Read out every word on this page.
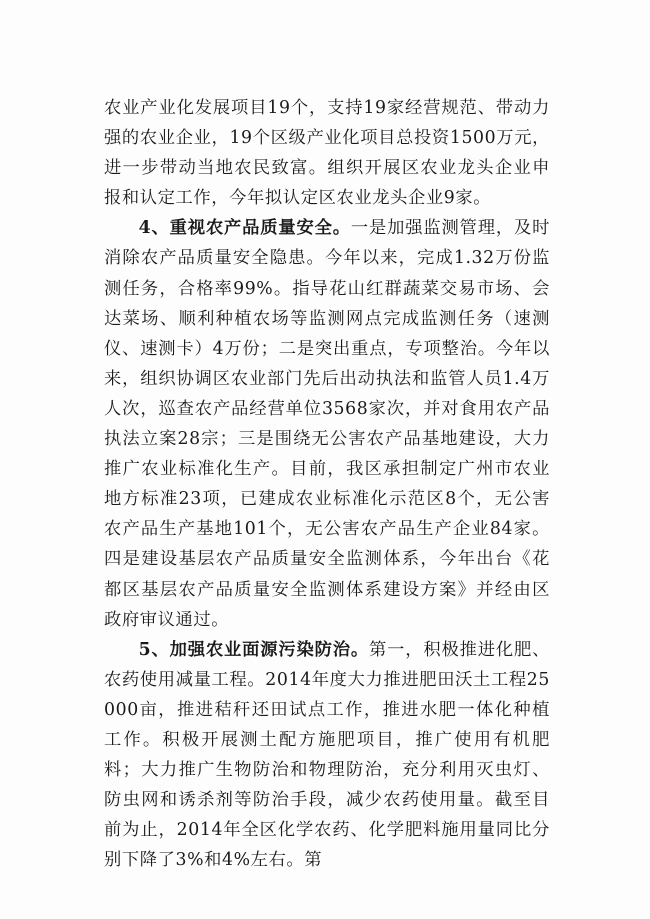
农业产业化发展项目19个，支持19家经营规范、带动力强的农业企业，19个区级产业化项目总投资1500万元，进一步带动当地农民致富。组织开展区农业龙头企业申报和认定工作，今年拟认定区农业龙头企业9家。

4、重视农产品质量安全。一是加强监测管理，及时消除农产品质量安全隐患。今年以来，完成1.32万份监测任务，合格率99%。指导花山红群蔬菜交易市场、会达菜场、顺利种植农场等监测网点完成监测任务（速测仪、速测卡）4万份；二是突出重点，专项整治。今年以来，组织协调区农业部门先后出动执法和监管人员1.4万人次，巡查农产品经营单位3568家次，并对食用农产品执法立案28宗；三是围绕无公害农产品基地建设，大力推广农业标准化生产。目前，我区承担制定广州市农业地方标准23项，已建成农业标准化示范区8个，无公害农产品生产基地101个，无公害农产品生产企业84家。四是建设基层农产品质量安全监测体系，今年出台《花都区基层农产品质量安全监测体系建设方案》并经由区政府审议通过。

5、加强农业面源污染防治。第一，积极推进化肥、农药使用减量工程。2014年度大力推进肥田沃土工程25000亩，推进秸秆还田试点工作，推进水肥一体化种植工作。积极开展测土配方施肥项目，推广使用有机肥料；大力推广生物防治和物理防治，充分利用灭虫灯、防虫网和诱杀剂等防治手段，减少农药使用量。截至目前为止，2014年全区化学农药、化学肥料施用量同比分别下降了3%和4%左右。第
